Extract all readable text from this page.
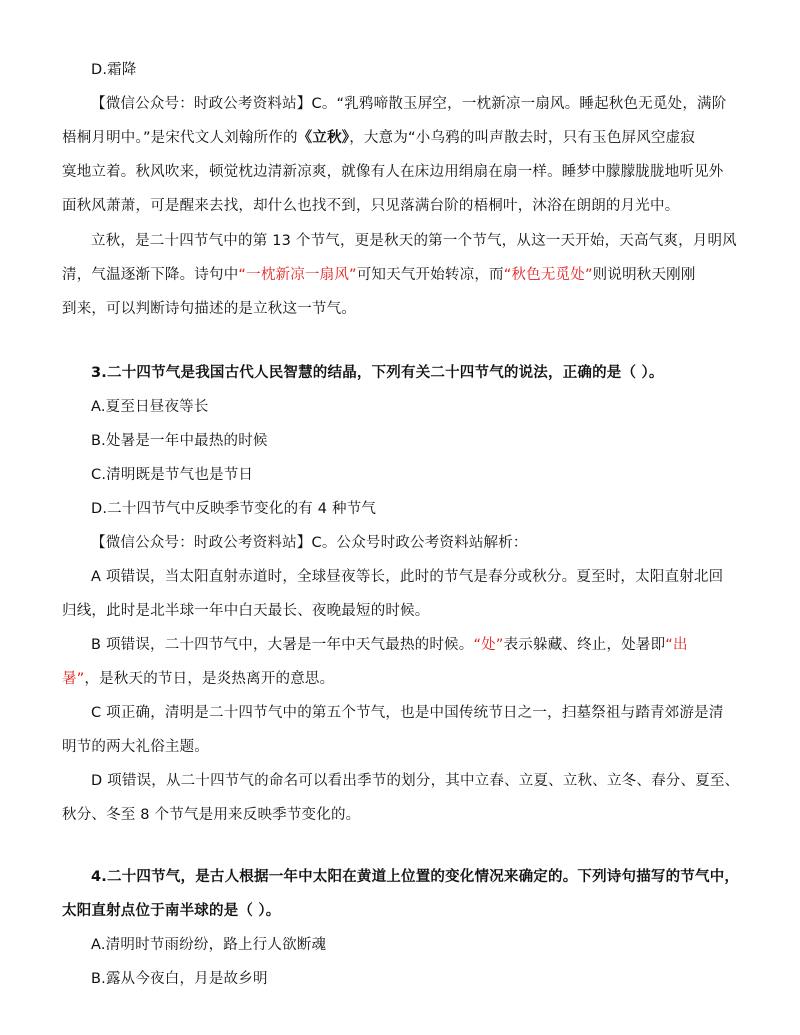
D.霜降
【微信公众号：时政公考资料站】C。“乳鸦啼散玉屏空，一枕新凉一扇风。睡起秋色无觅处，满阶
梧桐月明中。”是宋代文人刘翰所作的《立秋》，大意为“小乌鸦的叫声散去时，只有玉色屏风空虚寂
寞地立着。秋风吹来，顿觉枕边清新凉爽，就像有人在床边用绢扇在扇一样。睡梦中朦朦胧胧地听见外
面秋风萧萧，可是醒来去找，却什么也找不到，只见落满台阶的梧桐叶，沐浴在朗朗的月光中。
立秋，是二十四节气中的第 13 个节气，更是秋天的第一个节气，从这一天开始，天高气爽，月明风
清，气温逐渐下降。诗句中“一枕新凉一扇风”可知天气开始转凉，而“秋色无觅处”则说明秋天刚刚
到来，可以判断诗句描述的是立秋这一节气。
3.二十四节气是我国古代人民智慧的结晶，下列有关二十四节气的说法，正确的是（ ）。
A.夏至日昼夜等长
B.处暑是一年中最热的时候
C.清明既是节气也是节日
D.二十四节气中反映季节变化的有 4 种节气
【微信公众号：时政公考资料站】C。公众号时政公考资料站解析：
A 项错误，当太阳直射赤道时，全球昼夜等长，此时的节气是春分或秋分。夏至时，太阳直射北回
归线，此时是北半球一年中白天最长、夜晚最短的时候。
B 项错误，二十四节气中，大暑是一年中天气最热的时候。“处”表示躲藏、终止，处暑即“出
暑”，是秋天的节日，是炎热离开的意思。
C 项正确，清明是二十四节气中的第五个节气，也是中国传统节日之一，扫墓祭祖与踏青郊游是清
明节的两大礼俗主题。
D 项错误，从二十四节气的命名可以看出季节的划分，其中立春、立夏、立秋、立冬、春分、夏至、
秋分、冬至 8 个节气是用来反映季节变化的。
4.二十四节气，是古人根据一年中太阳在黄道上位置的变化情况来确定的。下列诗句描写的节气中，
太阳直射点位于南半球的是（ ）。
A.清明时节雨纷纷，路上行人欲断魂
B.露从今夜白，月是故乡明
